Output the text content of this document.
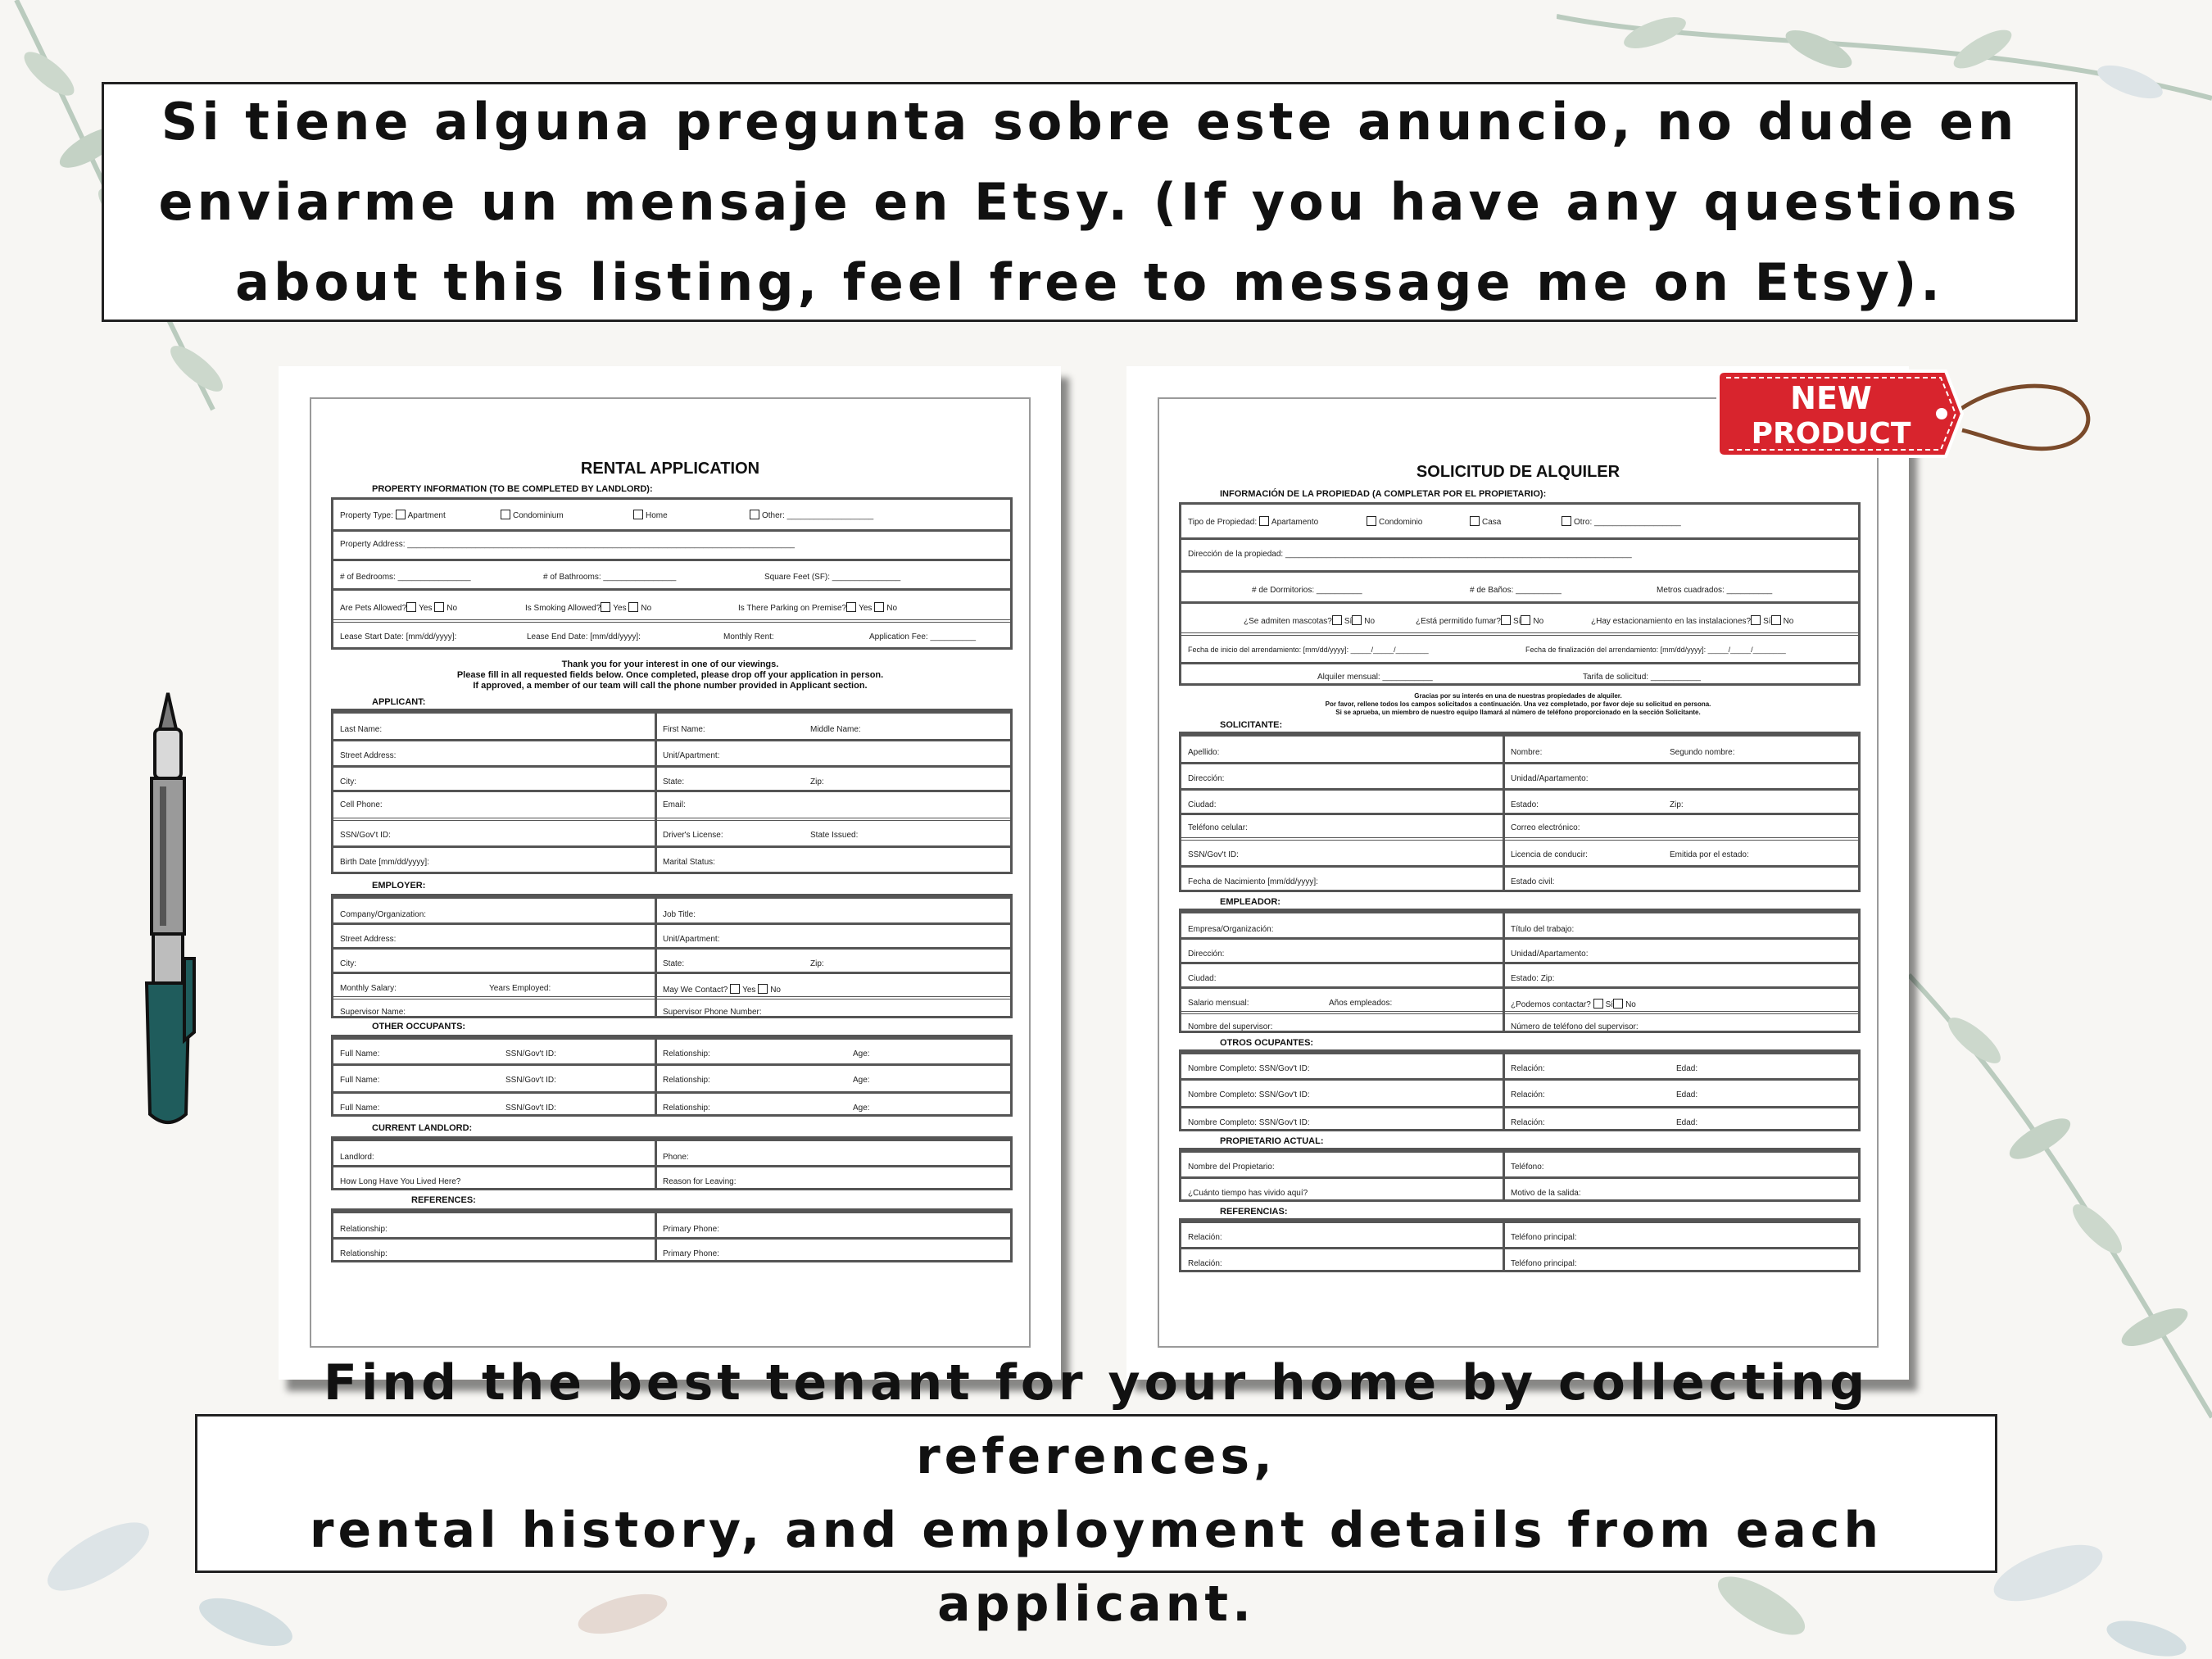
Si tiene alguna pregunta sobre este anuncio, no dude en
enviarme un mensaje en Etsy. (If you have any questions
about this listing, feel free to message me on Etsy).
RENTAL APPLICATION
PROPERTY INFORMATION (TO BE COMPLETED BY LANDLORD):
Property Type: Apartment	Condominium	Home	Other: ___________________
Property Address: _____________________________________________________________________________________
# of Bedrooms: ________________	# of Bathrooms: ________________	Square Feet (SF): _______________
Are Pets Allowed? Yes No	Is Smoking Allowed? Yes No	Is There Parking on Premise? Yes No
Lease Start Date: [mm/dd/yyyy]:	Lease End Date: [mm/dd/yyyy]:	Monthly Rent:	Application Fee: __________
Thank you for your interest in one of our viewings.
Please fill in all requested fields below. Once completed, please drop off your application in person.
If approved, a member of our team will call the phone number provided in Applicant section.
APPLICANT:
Last Name:	First Name:	Middle Name:
Street Address:	Unit/Apartment:
City:	State:	Zip:
Cell Phone:	Email:
SSN/Gov't ID:	Driver's License:	State Issued:
Birth Date [mm/dd/yyyy]:	Marital Status:
EMPLOYER:
Company/Organization:	Job Title:
Street Address:	Unit/Apartment:
City:	State:	Zip:
Monthly Salary:	Years Employed:	May We Contact? Yes No
Supervisor Name:	Supervisor Phone Number:
OTHER OCCUPANTS:
Full Name:	SSN/Gov't ID:	Relationship:	Age:
Full Name:	SSN/Gov't ID:	Relationship:	Age:
Full Name:	SSN/Gov't ID:	Relationship:	Age:
CURRENT LANDLORD:
Landlord:	Phone:
How Long Have You Lived Here?	Reason for Leaving:
REFERENCES:
Relationship:	Primary Phone:
Relationship:	Primary Phone:
SOLICITUD DE ALQUILER
INFORMACIÓN DE LA PROPIEDAD (A COMPLETAR POR EL PROPIETARIO):
Tipo de Propiedad: Apartamento	Condominio	Casa	Otro: ___________________
Dirección de la propiedad: ____________________________________________________________________________
# de Dormitorios: __________	# de Baños: __________	Metros cuadrados: __________
¿Se admiten mascotas? Sí No	¿Está permitido fumar? Sí No	¿Hay estacionamiento en las instalaciones? Sí No
Fecha de inicio del arrendamiento: [mm/dd/yyyy]: _____/_____/________	Fecha de finalización del arrendamiento: [mm/dd/yyyy]: _____/_____/________
Alquiler mensual: ___________	Tarifa de solicitud: ___________
Gracias por su interés en una de nuestras propiedades de alquiler.
Por favor, rellene todos los campos solicitados a continuación. Una vez completado, por favor deje su solicitud en persona.
Si se aprueba, un miembro de nuestro equipo llamará al número de teléfono proporcionado en la sección Solicitante.
SOLICITANTE:
Apellido:	Nombre:	Segundo nombre:
Dirección:	Unidad/Apartamento:
Ciudad:	Estado:	Zip:
Teléfono celular:	Correo electrónico:
SSN/Gov't ID:	Licencia de conducir:	Emitida por el estado:
Fecha de Nacimiento [mm/dd/yyyy]:	Estado civil:
EMPLEADOR:
Empresa/Organización:	Título del trabajo:
Dirección:	Unidad/Apartamento:
Ciudad:	Estado: Zip:
Salario mensual:	Años empleados:	¿Podemos contactar? Sí No
Nombre del supervisor:	Número de teléfono del supervisor:
OTROS OCUPANTES:
Nombre Completo: SSN/Gov't ID:	Relación:	Edad:
Nombre Completo: SSN/Gov't ID:	Relación:	Edad:
Nombre Completo: SSN/Gov't ID:	Relación:	Edad:
PROPIETARIO ACTUAL:
Nombre del Propietario:	Teléfono:
¿Cuánto tiempo has vivido aquí?	Motivo de la salida:
REFERENCIAS:
Relación:	Teléfono principal:
Relación:	Teléfono principal:
NEW
PRODUCT
Find the best tenant for your home by collecting references,
rental history, and employment details from each applicant.
